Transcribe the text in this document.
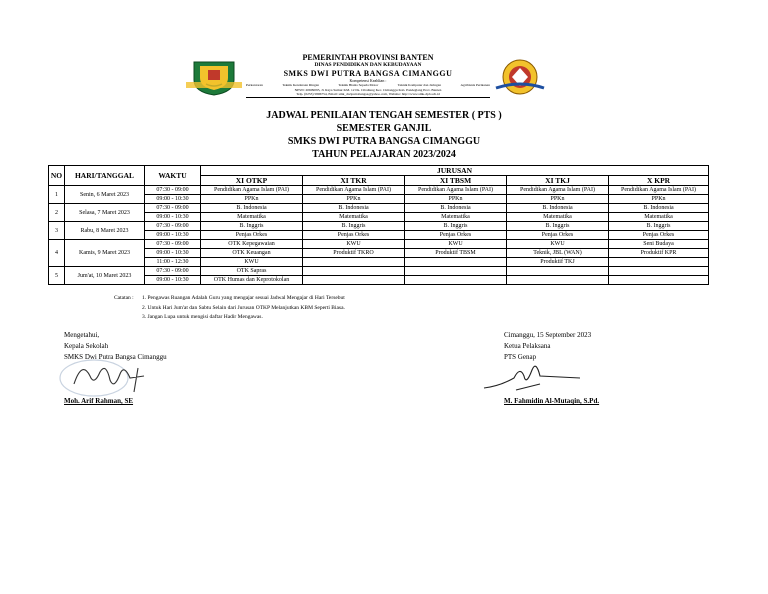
PEMERINTAH PROVINSI BANTEN
DINAS PENDIDIKAN DAN KEBUDAYAAN
SMKS DWI PUTRA BANGSA CIMANGGU
Kompetensi Keahlian :
Perkantoran	Teknik Kendaraan Ringan	Teknik Bisnis Sepeda Motor	Teknik Komputer dan Jaringan	Agribisnis Perikanan
NPSN: 20609095, Jl. Raya Sumur KM. 12 Ds. Cibaliung Kec. Cimanggu Kab. Pandeglang Prov. Banten
Telp. (0253) 5806754, Email: smk_dwiputrabangsa@yahoo.com, Website: http://www.smk-dpb.sch.id
JADWAL PENILAIAN TENGAH SEMESTER ( PTS )
SEMESTER GANJIL
SMKS DWI PUTRA BANGSA CIMANGGU
TAHUN PELAJARAN 2023/2024
NO	HARI/TANGGAL	WAKTU	JURUSAN				
			XI OTKP	XI TKR	XI TBSM	XI TKJ	X KPR
1	Senin, 6 Maret 2023	07:30 - 09:00	Pendidikan Agama Islam (PAI)	Pendidikan Agama Islam (PAI)	Pendidikan Agama Islam (PAI)	Pendidikan Agama Islam (PAI)	Pendidikan Agama Islam (PAI)
		09:00 - 10:30	PPKn	PPKn	PPKn	PPKn	PPKn
2	Selasa, 7 Maret 2023	07:30 - 09:00	B. Indonesia	B. Indonesia	B. Indonesia	B. Indonesia	B. Indonesia
		09:00 - 10:30	Matematika	Matematika	Matematika	Matematika	Matematika
3	Rabu, 8 Maret 2023	07:30 - 09:00	B. Inggris	B. Inggris	B. Inggris	B. Inggris	B. Inggris
		09:00 - 10:30	Penjas Orkes	Penjas Orkes	Penjas Orkes	Penjas Orkes	Penjas Orkes
4	Kamis, 9 Maret 2023	07:30 - 09:00	OTK Kepegawaian	KWU	KWU	KWU	Seni Budaya
		09:00 - 10:30	OTK Keuangan	Produktif TKRO	Produktif TBSM	Teknik, JBL (WAN)	Produktif KPR
		11:00 - 12:30	KWU			Produktif TKJ	
5	Jum'at, 10 Maret 2023	07:30 - 09:00	OTK Sapras				
		09:00 - 10:30	OTK Humas dan Keprotokolan				
Catatan :	1. Pengawas Ruangan Adalah Guru yang mengajar sesuai Jadwal Mengajar di Hari Tersebut
2. Untuk Hari Jum'at dan Sabtu Selain dari Jurusan OTKP Melanjutkan KBM Seperti Biasa.
3. Jangan Lupa untuk mengisi daftar Hadir Mengawas.
Mengetahui,
Kepala Sekolah
SMKS Dwi Putra Bangsa Cimanggu
Moh. Arif Rahman, SE
Cimanggu, 15 September 2023
Ketua Pelaksana
PTS Genap
M. Fahmidin Al-Mutaqin, S.Pd.
